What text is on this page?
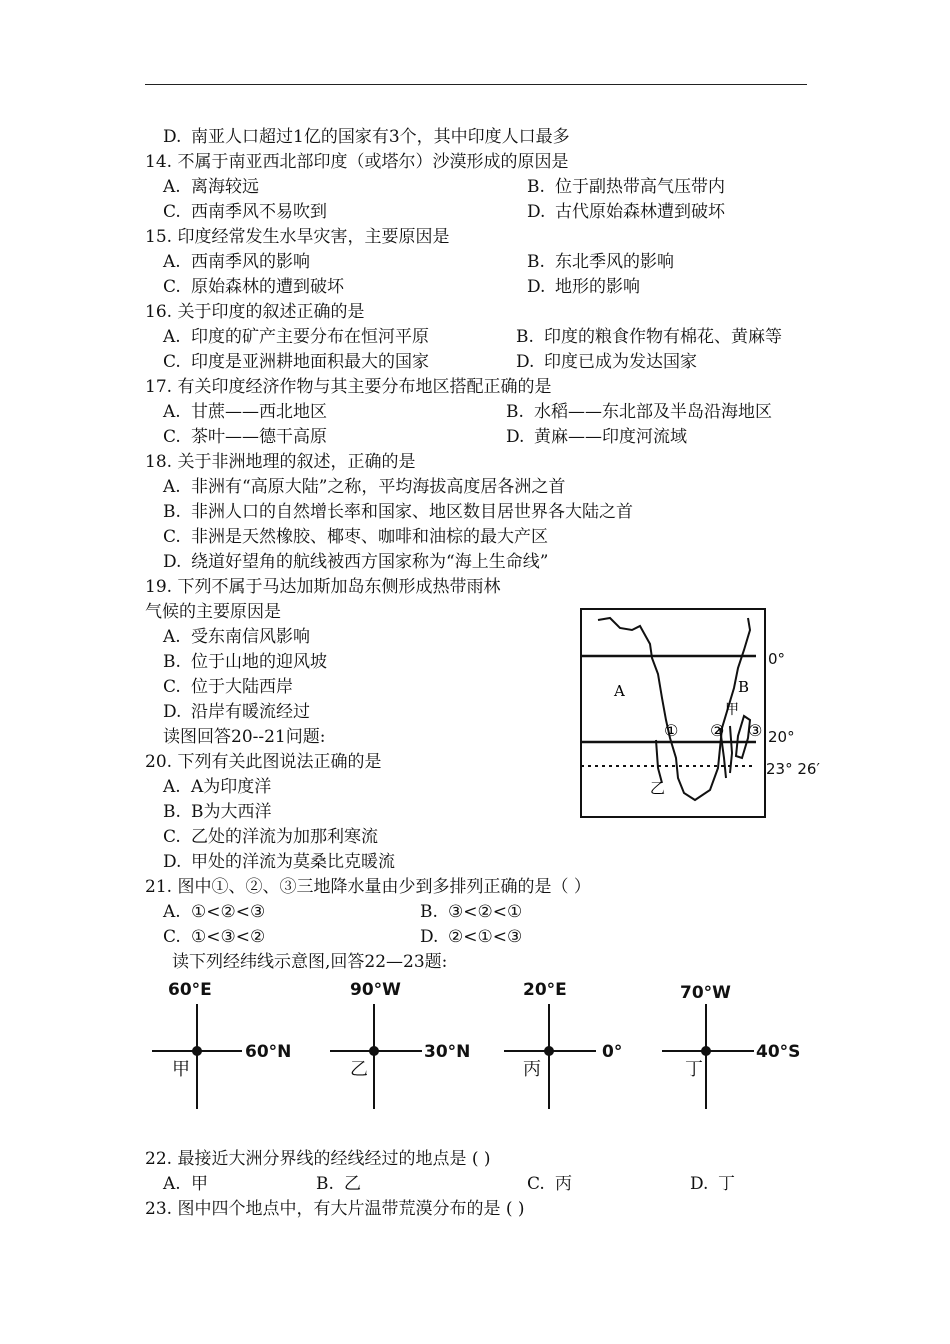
D. 南亚人口超过1亿的国家有3个，其中印度人口最多
14. 不属于南亚西北部印度（或塔尔）沙漠形成的原因是
A. 离海较远	B. 位于副热带高气压带内
C. 西南季风不易吹到	D. 古代原始森林遭到破坏
15. 印度经常发生水旱灾害，主要原因是
A. 西南季风的影响	B. 东北季风的影响
C. 原始森林的遭到破坏	D. 地形的影响
16. 关于印度的叙述正确的是
A. 印度的矿产主要分布在恒河平原	B. 印度的粮食作物有棉花、黄麻等
C. 印度是亚洲耕地面积最大的国家	D. 印度已成为发达国家
17. 有关印度经济作物与其主要分布地区搭配正确的是
A. 甘蔗——西北地区	B. 水稻——东北部及半岛沿海地区
C. 茶叶——德干高原	D. 黄麻——印度河流域
18. 关于非洲地理的叙述，正确的是
A. 非洲有“高原大陆”之称，平均海拔高度居各洲之首
B. 非洲人口的自然增长率和国家、地区数目居世界各大陆之首
C. 非洲是天然橡胶、椰枣、咖啡和油棕的最大产区
D. 绕道好望角的航线被西方国家称为“海上生命线”
19. 下列不属于马达加斯加岛东侧形成热带雨林
气候的主要原因是
A. 受东南信风影响
B. 位于山地的迎风坡
C. 位于大陆西岸
D. 沿岸有暖流经过
读图回答20--21问题:
20. 下列有关此图说法正确的是
A. A为印度洋
B. B为大西洋
C. 乙处的洋流为加那利寒流
D. 甲处的洋流为莫桑比克暖流
21. 图中①、②、③三地降水量由少到多排列正确的是（ ）
A. ①<②<③	B. ③<②<①
C. ①<③<②	D. ②<①<③
读下列经纬线示意图,回答22—23题:
A	B
① ② ③
甲
乙
0°
20°
23° 26′
60°E
60°N
甲
90°W
30°N
乙
20°E
0°
丙
70°W
40°S
丁
22. 最接近大洲分界线的经线经过的地点是 ( )
A. 甲	B. 乙	C. 丙	D. 丁
23. 图中四个地点中，有大片温带荒漠分布的是 ( )
